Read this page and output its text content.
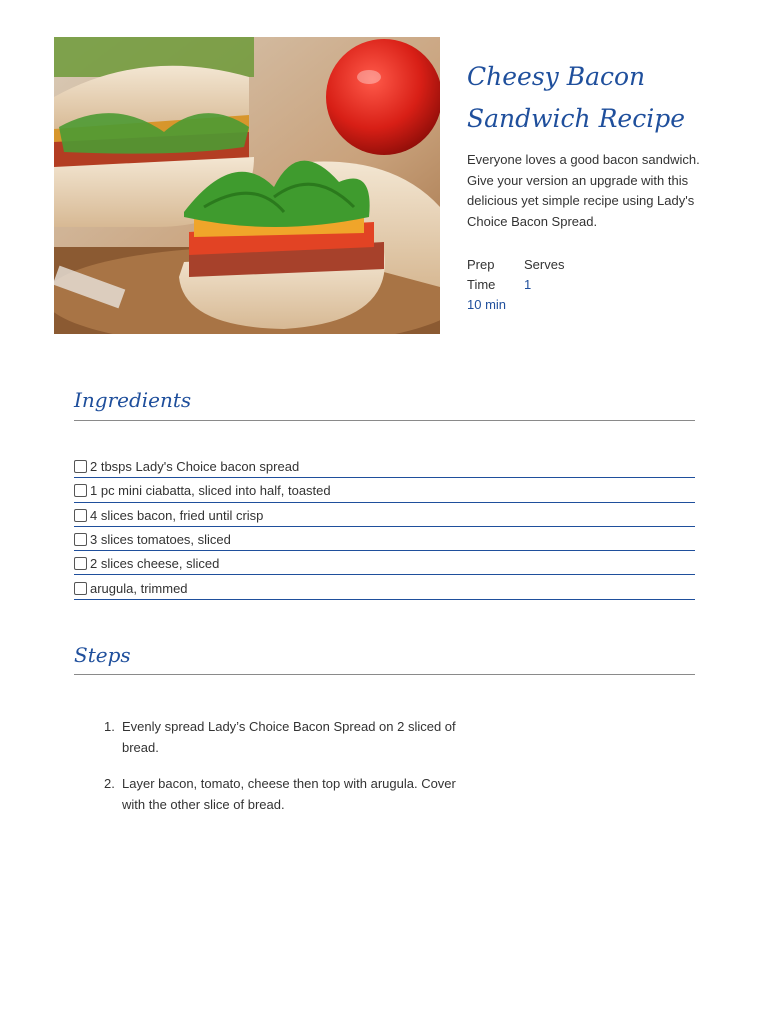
Cheesy Bacon Sandwich Recipe

Everyone loves a good bacon sandwich. Give your version an upgrade with this delicious yet simple recipe using Lady's Choice Bacon Spread.

Prep
Time
10 min
Serves
1
Ingredients
2 tbsps Lady's Choice bacon spread
1 pc mini ciabatta, sliced into half, toasted
4 slices bacon, fried until crisp
3 slices tomatoes, sliced
2 slices cheese, sliced
arugula, trimmed
Steps
1. Evenly spread Lady’s Choice Bacon Spread on 2 sliced of bread.
2. Layer bacon, tomato, cheese then top with arugula. Cover with the other slice of bread.
